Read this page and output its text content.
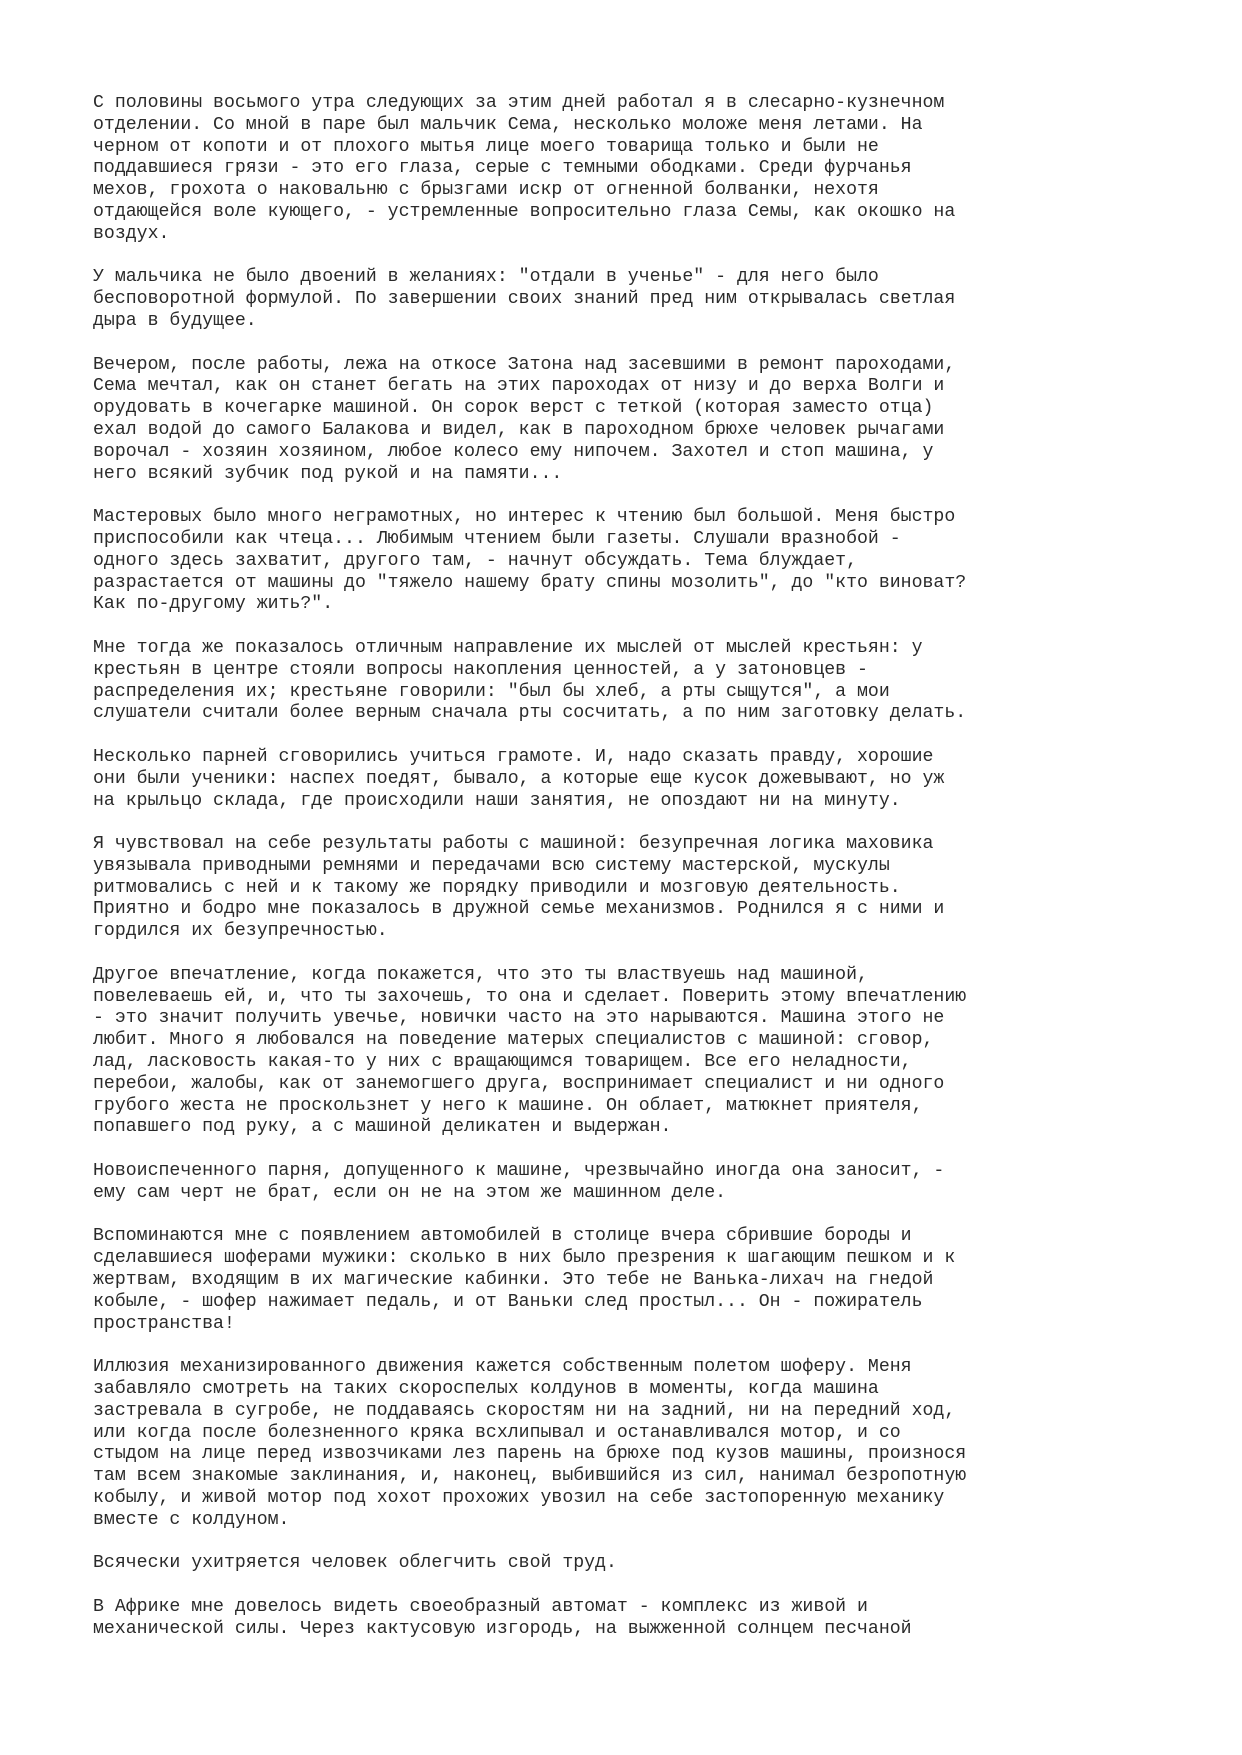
С половины восьмого утра следующих за этим дней работал я в слесарно-кузнечном
отделении. Со мной в паре был мальчик Сема, несколько моложе меня летами. На
черном от копоти и от плохого мытья лице моего товарища только и были не
поддавшиеся грязи - это его глаза, серые с темными ободками. Среди фурчанья
мехов, грохота о наковальню с брызгами искр от огненной болванки, нехотя
отдающейся воле кующего, - устремленные вопросительно глаза Семы, как окошко на
воздух.

У мальчика не было двоений в желаниях: "отдали в ученье" - для него было
бесповоротной формулой. По завершении своих знаний пред ним открывалась светлая
дыра в будущее.

Вечером, после работы, лежа на откосе Затона над засевшими в ремонт пароходами,
Сема мечтал, как он станет бегать на этих пароходах от низу и до верха Волги и
орудовать в кочегарке машиной. Он сорок верст с теткой (которая заместо отца)
ехал водой до самого Балакова и видел, как в пароходном брюхе человек рычагами
ворочал - хозяин хозяином, любое колесо ему нипочем. Захотел и стоп машина, у
него всякий зубчик под рукой и на памяти...

Мастеровых было много неграмотных, но интерес к чтению был большой. Меня быстро
приспособили как чтеца... Любимым чтением были газеты. Слушали вразнобой -
одного здесь захватит, другого там, - начнут обсуждать. Тема блуждает,
разрастается от машины до "тяжело нашему брату спины мозолить", до "кто виноват?
Как по-другому жить?".

Мне тогда же показалось отличным направление их мыслей от мыслей крестьян: у
крестьян в центре стояли вопросы накопления ценностей, а у затоновцев -
распределения их; крестьяне говорили: "был бы хлеб, а рты сыщутся", а мои
слушатели считали более верным сначала рты сосчитать, а по ним заготовку делать.

Несколько парней сговорились учиться грамоте. И, надо сказать правду, хорошие
они были ученики: наспех поедят, бывало, а которые еще кусок дожевывают, но уж
на крыльцо склада, где происходили наши занятия, не опоздают ни на минуту.

Я чувствовал на себе результаты работы с машиной: безупречная логика маховика
увязывала приводными ремнями и передачами всю систему мастерской, мускулы
ритмовались с ней и к такому же порядку приводили и мозговую деятельность.
Приятно и бодро мне показалось в дружной семье механизмов. Роднился я с ними и
гордился их безупречностью.

Другое впечатление, когда покажется, что это ты властвуешь над машиной,
повелеваешь ей, и, что ты захочешь, то она и сделает. Поверить этому впечатлению
- это значит получить увечье, новички часто на это нарываются. Машина этого не
любит. Много я любовался на поведение матерых специалистов с машиной: сговор,
лад, ласковость какая-то у них с вращающимся товарищем. Все его неладности,
перебои, жалобы, как от занемогшего друга, воспринимает специалист и ни одного
грубого жеста не проскользнет у него к машине. Он облает, матюкнет приятеля,
попавшего под руку, а с машиной деликатен и выдержан.

Новоиспеченного парня, допущенного к машине, чрезвычайно иногда она заносит, -
ему сам черт не брат, если он не на этом же машинном деле.

Вспоминаются мне с появлением автомобилей в столице вчера сбрившие бороды и
сделавшиеся шоферами мужики: сколько в них было презрения к шагающим пешком и к
жертвам, входящим в их магические кабинки. Это тебе не Ванька-лихач на гнедой
кобыле, - шофер нажимает педаль, и от Ваньки след простыл... Он - пожиратель
пространства!

Иллюзия механизированного движения кажется собственным полетом шоферу. Меня
забавляло смотреть на таких скороспелых колдунов в моменты, когда машина
застревала в сугробе, не поддаваясь скоростям ни на задний, ни на передний ход,
или когда после болезненного кряка всхлипывал и останавливался мотор, и со
стыдом на лице перед извозчиками лез парень на брюхе под кузов машины, произнося
там всем знакомые заклинания, и, наконец, выбившийся из сил, нанимал безропотную
кобылу, и живой мотор под хохот прохожих увозил на себе застопоренную механику
вместе с колдуном.

Всячески ухитряется человек облегчить свой труд.

В Африке мне довелось видеть своеобразный автомат - комплекс из живой и
механической силы. Через кактусовую изгородь, на выжженной солнцем песчаной
